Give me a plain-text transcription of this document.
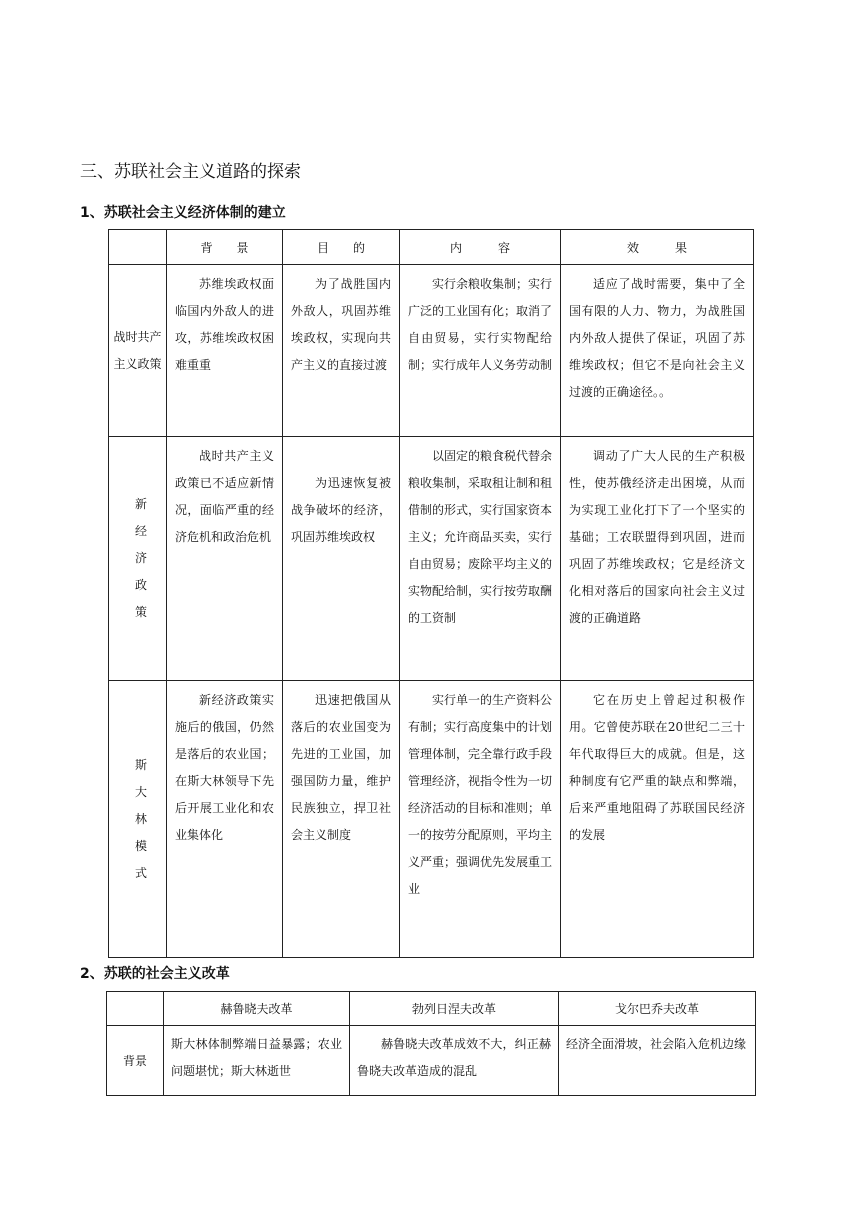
三、苏联社会主义道路的探索
1、苏联社会主义经济体制的建立
	背　　景	目　　的	内　　　容	效　　　果
战时共产主义政策	苏维埃政权面临国内外敌人的进攻，苏维埃政权困难重重	为了战胜国内外敌人，巩固苏维埃政权，实现向共产主义的直接过渡	实行余粮收集制；实行广泛的工业国有化；取消了自由贸易，实行实物配给制；实行成年人义务劳动制	适应了战时需要，集中了全国有限的人力、物力，为战胜国内外敌人提供了保证，巩固了苏维埃政权；但它不是向社会主义过渡的正确途径。。
新经济政策	战时共产主义政策已不适应新情况，面临严重的经济危机和政治危机	为迅速恢复被战争破坏的经济，巩固苏维埃政权	以固定的粮食税代替余粮收集制，采取租让制和租借制的形式，实行国家资本主义；允许商品买卖，实行自由贸易；废除平均主义的实物配给制，实行按劳取酬的工资制	调动了广大人民的生产积极性，使苏俄经济走出困境，从而为实现工业化打下了一个坚实的基础；工农联盟得到巩固，进而巩固了苏维埃政权；它是经济文化相对落后的国家向社会主义过渡的正确道路
斯大林模式	新经济政策实施后的俄国，仍然是落后的农业国；在斯大林领导下先后开展工业化和农业集体化	迅速把俄国从落后的农业国变为先进的工业国，加强国防力量，维护民族独立，捍卫社会主义制度	实行单一的生产资料公有制；实行高度集中的计划管理体制，完全靠行政手段管理经济，视指令性为一切经济活动的目标和准则；单一的按劳分配原则，平均主义严重；强调优先发展重工业	它在历史上曾起过积极作用。它曾使苏联在20世纪二三十年代取得巨大的成就。但是，这种制度有它严重的缺点和弊端，后来严重地阻碍了苏联国民经济的发展
2、苏联的社会主义改革
	赫鲁晓夫改革	勃列日涅夫改革	戈尔巴乔夫改革
背景	斯大林体制弊端日益暴露；农业问题堪忧；斯大林逝世	赫鲁晓夫改革成效不大，纠正赫鲁晓夫改革造成的混乱	经济全面滑坡，社会陷入危机边缘
